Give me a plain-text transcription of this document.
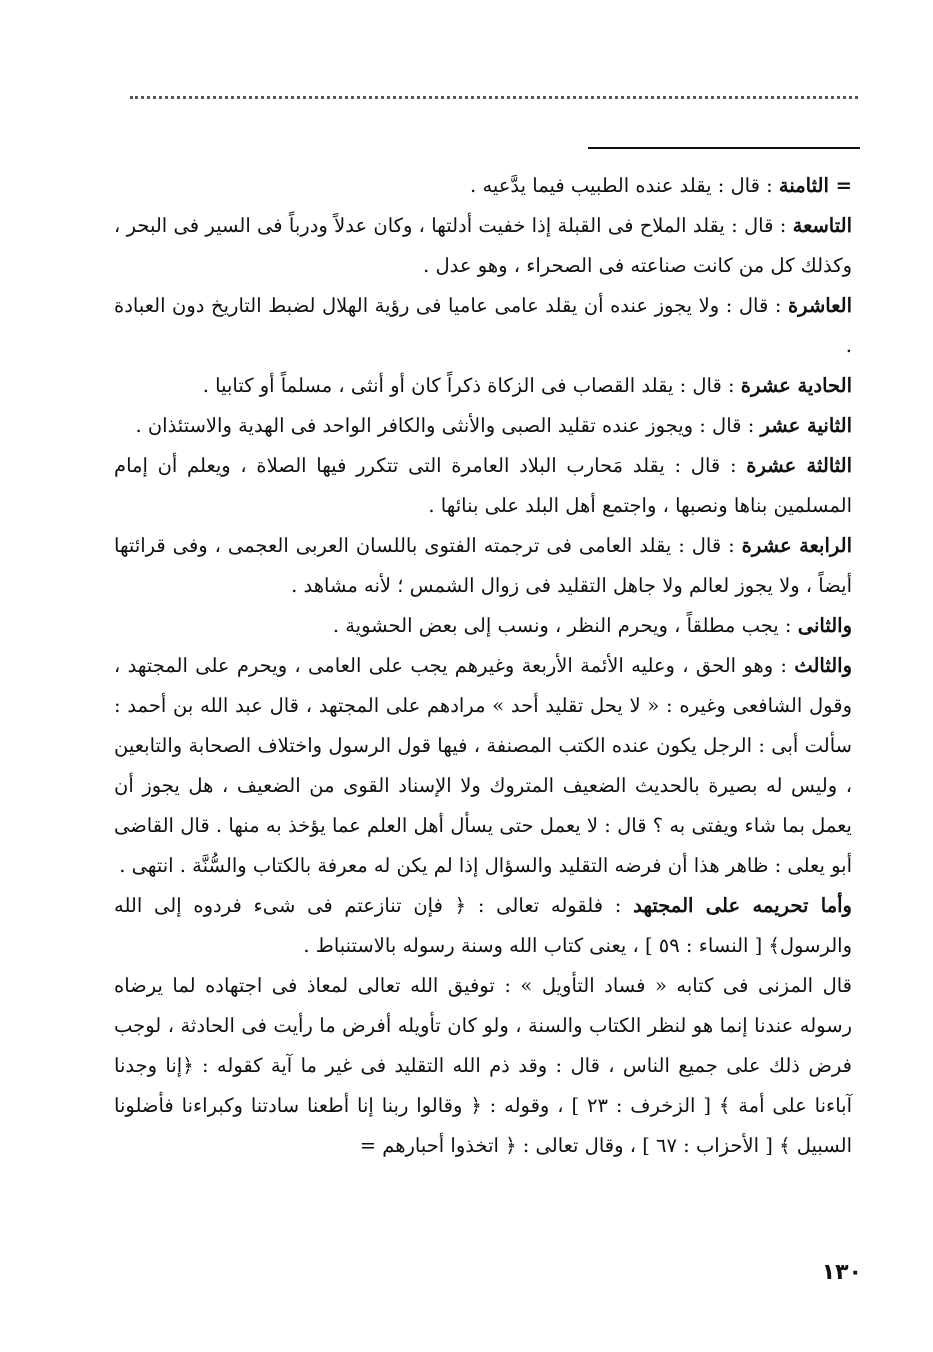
= الثامنة : قال : يقلد عنده الطبيب فيما يدَّعيه .

التاسعة : قال : يقلد الملاح فى القبلة إذا خفيت أدلتها ، وكان عدلاً ودرباً فى السير فى البحر ، وكذلك كل من كانت صناعته فى الصحراء ، وهو عدل .

العاشرة : قال : ولا يجوز عنده أن يقلد عامى عاميا فى رؤية الهلال لضبط التاريخ دون العبادة .

الحادية عشرة : قال : يقلد القصاب فى الزكاة ذكراً كان أو أنثى ، مسلماً أو كتابيا .

الثانية عشر : قال : ويجوز عنده تقليد الصبى والأنثى والكافر الواحد فى الهدية والاستئذان .

الثالثة عشرة : قال : يقلد مَحارب البلاد العامرة التى تتكرر فيها الصلاة ، ويعلم أن إمام المسلمين بناها ونصبها ، واجتمع أهل البلد على بنائها .

الرابعة عشرة : قال : يقلد العامى فى ترجمته الفتوى باللسان العربى العجمى ، وفى قرائتها أيضاً ، ولا يجوز لعالم ولا جاهل التقليد فى زوال الشمس ؛ لأنه مشاهد .

والثانى : يجب مطلقاً ، ويحرم النظر ، ونسب إلى بعض الحشوية .

والثالث : وهو الحق ، وعليه الأئمة الأربعة وغيرهم يجب على العامى ، ويحرم على المجتهد ، وقول الشافعى وغيره : « لا يحل تقليد أحد » مرادهم على المجتهد ، قال عبد الله بن أحمد : سألت أبى : الرجل يكون عنده الكتب المصنفة ، فيها قول الرسول واختلاف الصحابة والتابعين ، وليس له بصيرة بالحديث الضعيف المتروك ولا الإسناد القوى من الضعيف ، هل يجوز أن يعمل بما شاء ويفتى به ؟ قال : لا يعمل حتى يسأل أهل العلم عما يؤخذ به منها . قال القاضى أبو يعلى : ظاهر هذا أن فرضه التقليد والسؤال إذا لم يكن له معرفة بالكتاب والسُّنَّة . انتهى .

وأما تحريمه على المجتهد : فلقوله تعالى : ﴿ فإن تنازعتم فى شىء فردوه إلى الله والرسول﴾ [ النساء : ٥٩ ] ، يعنى كتاب الله وسنة رسوله بالاستنباط .

قال المزنى فى كتابه « فساد التأويل » : توفيق الله تعالى لمعاذ فى اجتهاده لما يرضاه رسوله عندنا إنما هو لنظر الكتاب والسنة ، ولو كان تأويله أفرض ما رأيت فى الحادثة ، لوجب فرض ذلك على جميع الناس ، قال : وقد ذم الله التقليد فى غير ما آية كقوله : ﴿إنا وجدنا آباءنا على أمة ﴾ [ الزخرف : ٢٣ ] ، وقوله : ﴿ وقالوا ربنا إنا أطعنا سادتنا وكبراءنا فأضلونا السبيل ﴾ [ الأحزاب : ٦٧ ] ، وقال تعالى : ﴿ اتخذوا أحبارهم =

١٣٠
